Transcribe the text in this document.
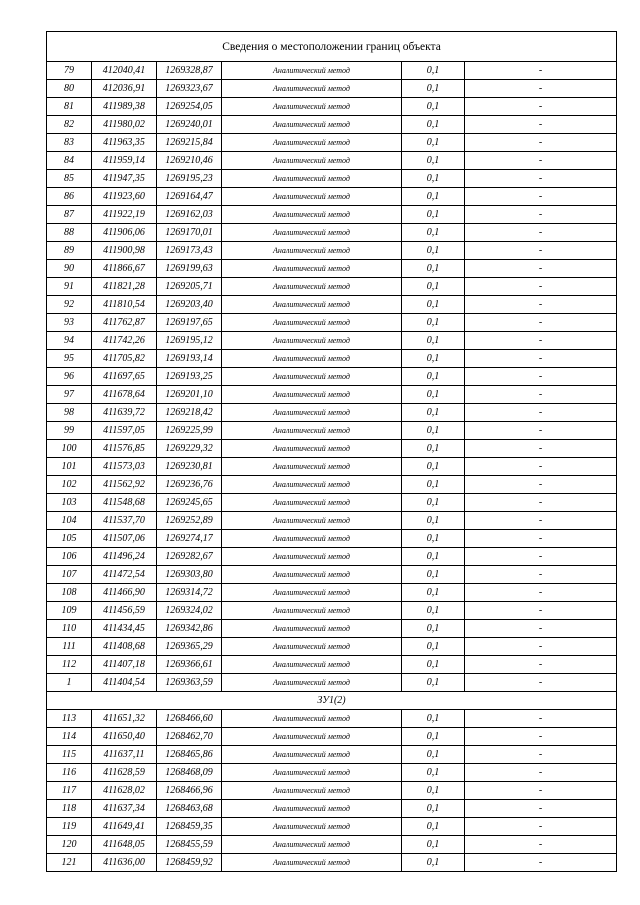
Сведения о местоположении границ объекта					
79	412040,41	1269328,87	Аналитический метод	0,1	-
80	412036,91	1269323,67	Аналитический метод	0,1	-
81	411989,38	1269254,05	Аналитический метод	0,1	-
82	411980,02	1269240,01	Аналитический метод	0,1	-
83	411963,35	1269215,84	Аналитический метод	0,1	-
84	411959,14	1269210,46	Аналитический метод	0,1	-
85	411947,35	1269195,23	Аналитический метод	0,1	-
86	411923,60	1269164,47	Аналитический метод	0,1	-
87	411922,19	1269162,03	Аналитический метод	0,1	-
88	411906,06	1269170,01	Аналитический метод	0,1	-
89	411900,98	1269173,43	Аналитический метод	0,1	-
90	411866,67	1269199,63	Аналитический метод	0,1	-
91	411821,28	1269205,71	Аналитический метод	0,1	-
92	411810,54	1269203,40	Аналитический метод	0,1	-
93	411762,87	1269197,65	Аналитический метод	0,1	-
94	411742,26	1269195,12	Аналитический метод	0,1	-
95	411705,82	1269193,14	Аналитический метод	0,1	-
96	411697,65	1269193,25	Аналитический метод	0,1	-
97	411678,64	1269201,10	Аналитический метод	0,1	-
98	411639,72	1269218,42	Аналитический метод	0,1	-
99	411597,05	1269225,99	Аналитический метод	0,1	-
100	411576,85	1269229,32	Аналитический метод	0,1	-
101	411573,03	1269230,81	Аналитический метод	0,1	-
102	411562,92	1269236,76	Аналитический метод	0,1	-
103	411548,68	1269245,65	Аналитический метод	0,1	-
104	411537,70	1269252,89	Аналитический метод	0,1	-
105	411507,06	1269274,17	Аналитический метод	0,1	-
106	411496,24	1269282,67	Аналитический метод	0,1	-
107	411472,54	1269303,80	Аналитический метод	0,1	-
108	411466,90	1269314,72	Аналитический метод	0,1	-
109	411456,59	1269324,02	Аналитический метод	0,1	-
110	411434,45	1269342,86	Аналитический метод	0,1	-
111	411408,68	1269365,29	Аналитический метод	0,1	-
112	411407,18	1269366,61	Аналитический метод	0,1	-
1	411404,54	1269363,59	Аналитический метод	0,1	-
ЗУ1(2)					
113	411651,32	1268466,60	Аналитический метод	0,1	-
114	411650,40	1268462,70	Аналитический метод	0,1	-
115	411637,11	1268465,86	Аналитический метод	0,1	-
116	411628,59	1268468,09	Аналитический метод	0,1	-
117	411628,02	1268466,96	Аналитический метод	0,1	-
118	411637,34	1268463,68	Аналитический метод	0,1	-
119	411649,41	1268459,35	Аналитический метод	0,1	-
120	411648,05	1268455,59	Аналитический метод	0,1	-
121	411636,00	1268459,92	Аналитический метод	0,1	-
